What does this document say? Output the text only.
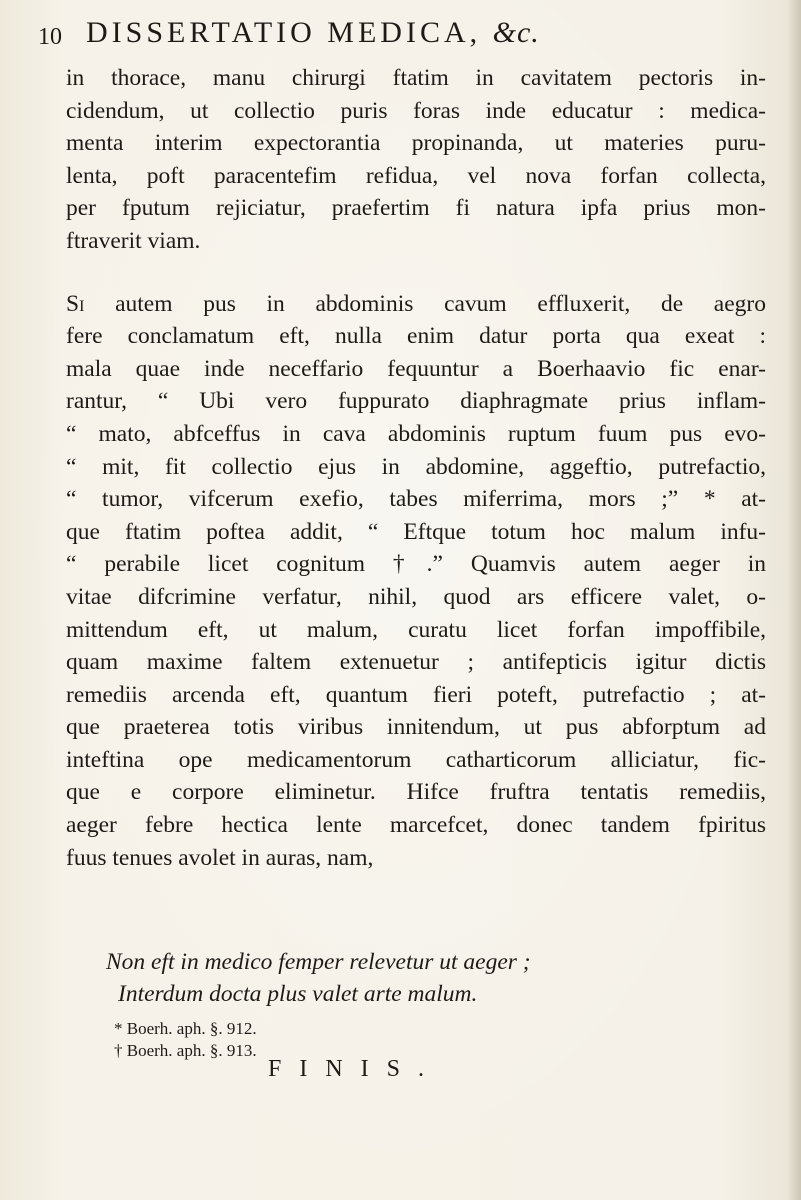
10 DISSERTATIO MEDICA, &c.
in thorace, manu chirurgi ftatim in cavitatem pectoris in-
cidendum, ut collectio puris foras inde educatur : medica-
menta interim expectorantia propinanda, ut materies puru-
lenta, poft paracentefim refidua, vel nova forfan collecta,
per fputum rejiciatur, praefertim fi natura ipfa prius mon-
ftraverit viam.
Si autem pus in abdominis cavum effluxerit, de aegro
fere conclamatum eft, nulla enim datur porta qua exeat :
mala quae inde neceffario fequuntur a Boerhaavio fic enar-
rantur, “ Ubi vero fuppurato diaphragmate prius inflam-
“ mato, abfceffus in cava abdominis ruptum fuum pus evo-
“ mit, fit collectio ejus in abdomine, aggeftio, putrefactio,
“ tumor, vifcerum exefio, tabes miferrima, mors ;” * at-
que ftatim poftea addit, “ Eftque totum hoc malum infu-
“ perabile licet cognitum †.” Quamvis autem aeger in
vitae difcrimine verfatur, nihil, quod ars efficere valet, o-
mittendum eft, ut malum, curatu licet forfan impoffibile,
quam maxime faltem extenuetur ; antifepticis igitur dictis
remediis arcenda eft, quantum fieri poteft, putrefactio ; at-
que praeterea totis viribus innitendum, ut pus abforptum ad
inteftina ope medicamentorum catharticorum alliciatur, fic-
que e corpore eliminetur. Hifce fruftra tentatis remediis,
aeger febre hectica lente marcefcet, donec tandem fpiritus
fuus tenues avolet in auras, nam,
Non eft in medico femper relevetur ut aeger ;
Interdum docta plus valet arte malum.
* Boerh. aph. §. 912.
† Boerh. aph. §. 913.
FINIS.
